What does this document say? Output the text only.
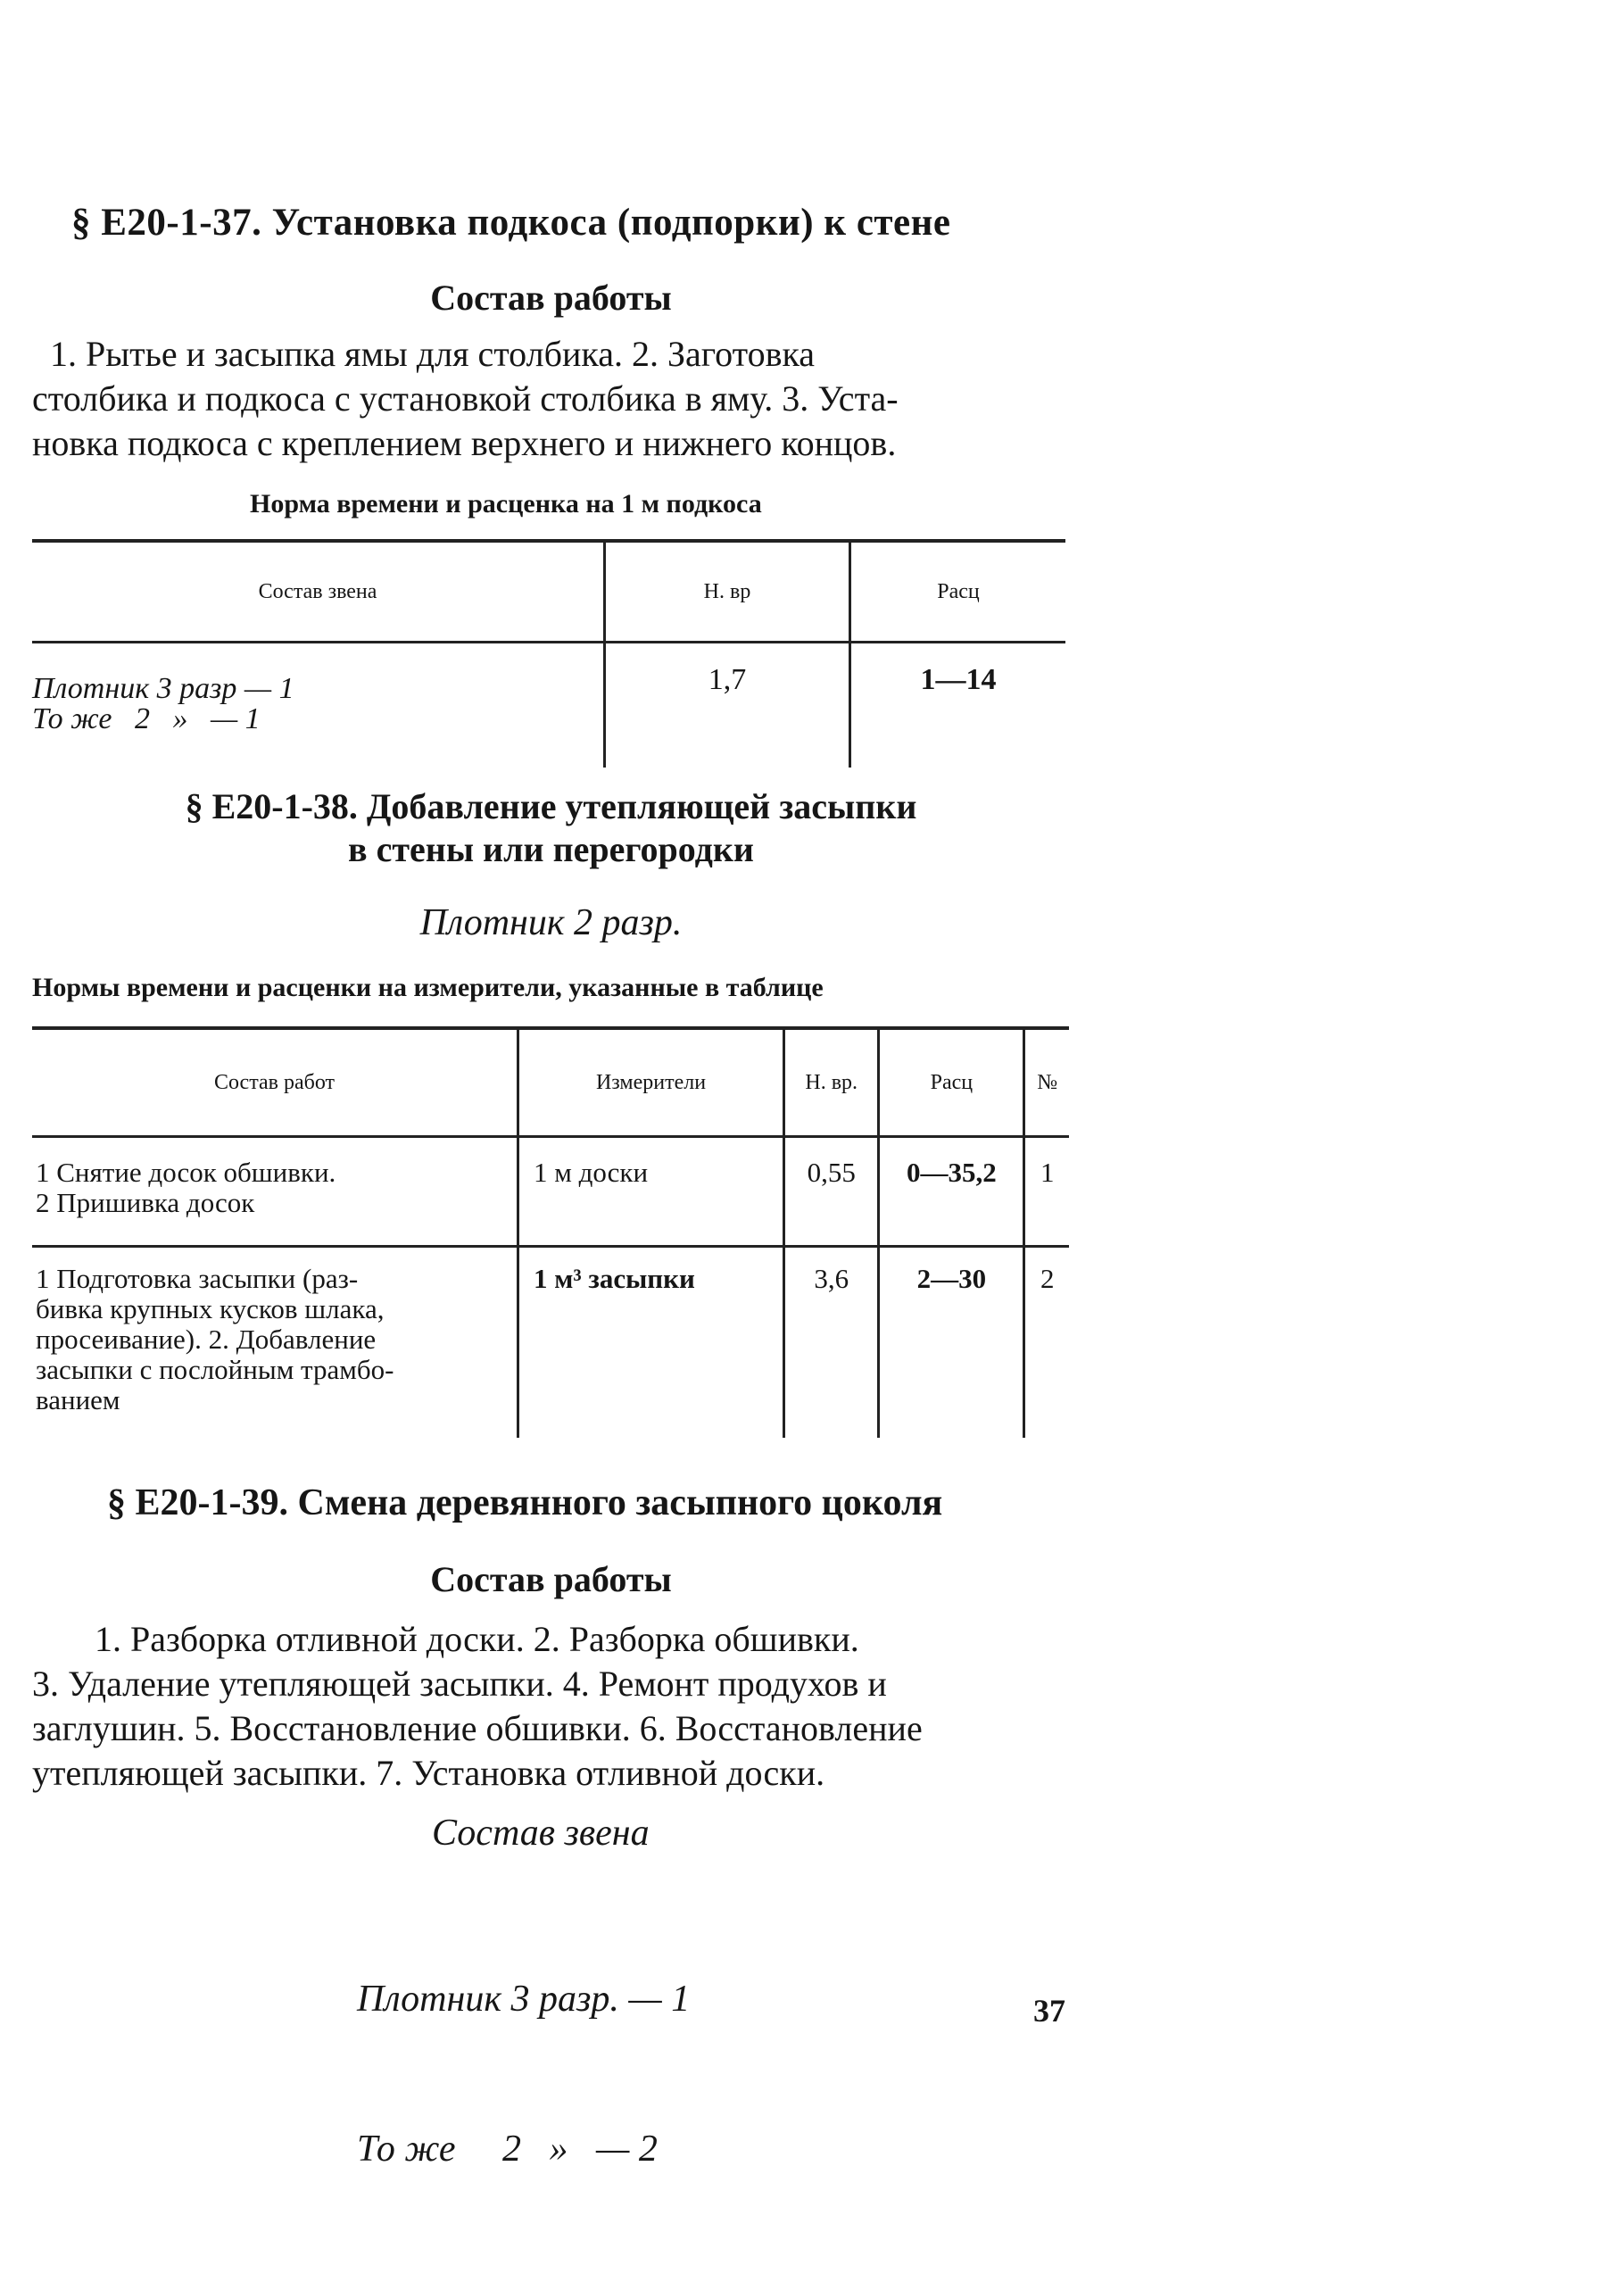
§ E20-1-37. Установка подкоса (подпорки) к стене
Состав работы
1. Рытье и засыпка ямы для столбика. 2. Заготовка
столбика и подкоса с установкой столбика в яму. 3. Уста-
новка подкоса с креплением верхнего и нижнего концов.
Норма времени и расценка на 1 м подкоса

Состав звена	Н. вр	Расц

Плотник 3 разр — 1
То же   2   »   — 1	1,7	1—14
§ E20-1-38. Добавление утепляющей засыпки
в стены или перегородки
Плотник 2 разр.
Нормы времени и расценки на измерители, указанные в таблице
Состав работ	Измерители	Н. вр.	Расц	№

1 Снятие досок обшивки.
2 Пришивка досок	1 м доски	0,55	0—35,2	1

1 Подготовка засыпки (раз-
бивка крупных кусков шлака,
просеивание). 2. Добавление
засыпки с послойным трамбо-
ванием	1 м³ засыпки	3,6	2—30	2
§ E20-1-39. Смена деревянного засыпного цоколя
Состав работы
1. Разборка отливной доски. 2. Разборка обшивки.
3. Удаление утепляющей засыпки. 4. Ремонт продухов и
заглушин. 5. Восстановление обшивки. 6. Восстановление
утепляющей засыпки. 7. Установка отливной доски.
Состав звена

Плотник 3 разр. — 1

То же     2   »   — 2

37
